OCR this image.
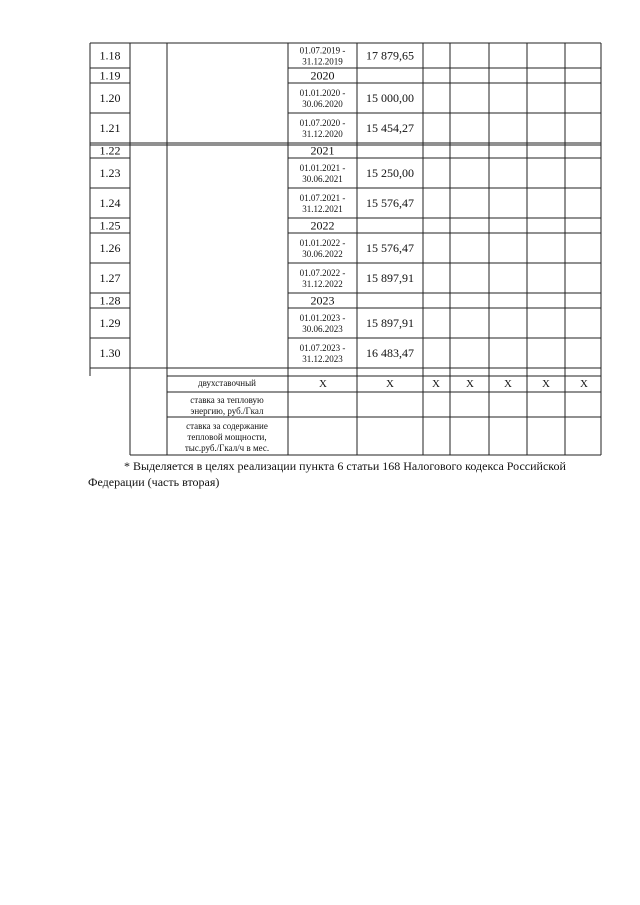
1.18	01.07.2019 -
31.12.2019 17 879,65
1.19	2020
1.20	01.01.2020 -
30.06.2020 15 000,00
1.21	01.07.2020 -
31.12.2020 15 454,27
1.22	2021
1.23	01.01.2021 -
30.06.2021 15 250,00
1.24	01.07.2021 -
31.12.2021 15 576,47
1.25	2022
1.26	01.01.2022 -
30.06.2022 15 576,47
1.27	01.07.2022 -
31.12.2022 15 897,91
1.28	2023
1.29	01.01.2023 -
30.06.2023 15 897,91
1.30	01.07.2023 -
31.12.2023 16 483,47
двухставочный	X	X	X X	X	X	X
ставка за тепловую
энергию, руб./Гкал
ставка за содержание
тепловой мощности,
тыс.руб./Гкал/ч в мес.
* Выделяется в целях реализации пункта 6 статьи 168 Налогового кодекса Российской
Федерации (часть вторая)
